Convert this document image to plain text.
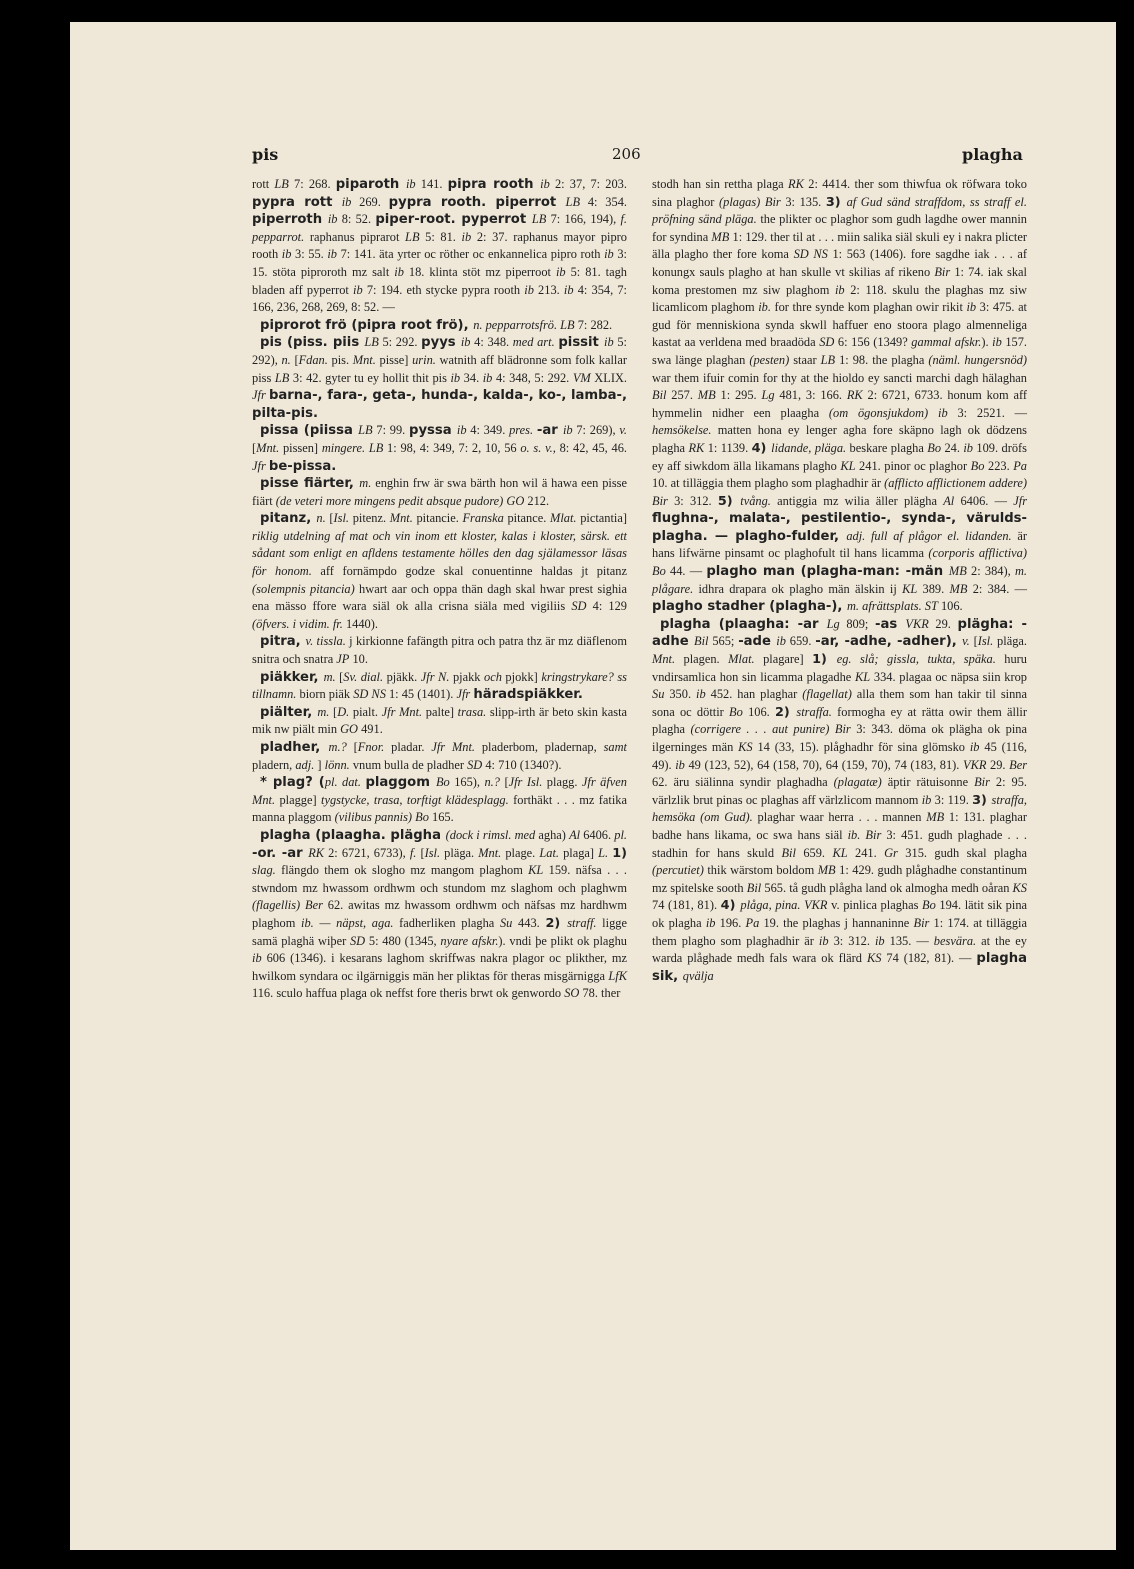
pis	206	plagha

rott LB 7: 268. piparoth ib 141. pipra rooth ib 2: 37, 7: 203. pypra rott ib 269. pypra rooth. piperrot LB 4: 354. piperroth ib 8: 52. piper-root. pyperrot LB 7: 166, 194), f. pepparrot. raphanus piprarot LB 5: 81. ib 2: 37. raphanus mayor pipro rooth ib 3: 55. ib 7: 141. äta yrter oc röther oc enkannelica pipro roth ib 3: 15. stöta piproroth mz salt ib 18. klinta stöt mz piperroot ib 5: 81. tagh bladen aff pyperrot ib 7: 194. eth stycke pypra rooth ib 213. ib 4: 354, 7: 166, 236, 268, 269, 8: 52. —

piprorot frö (pipra root frö), n. pepparrotsfrö. LB 7: 282.

pis (piss. piis LB 5: 292. pyys ib 4: 348. med art. pissit ib 5: 292), n. [Fdan. pis. Mnt. pisse] urin. watnith aff blädronne som folk kallar piss LB 3: 42. gyter tu ey hollit thit pis ib 34. ib 4: 348, 5: 292. VM XLIX. Jfr barna-, fara-, geta-, hunda-, kalda-, ko-, lamba-, pilta-pis.

pissa (piissa LB 7: 99. pyssa ib 4: 349. pres. -ar ib 7: 269), v. [Mnt. pissen] mingere. LB 1: 98, 4: 349, 7: 2, 10, 56 o. s. v., 8: 42, 45, 46. Jfr be-pissa.

pisse fiärter, m. enghin frw är swa bärth hon wil ä hawa een pisse fiärt (de veteri more mingens pedit absque pudore) GO 212.

pitanz, n. [Isl. pitenz. Mnt. pitancie. Franska pitance. Mlat. pictantia] riklig utdelning af mat och vin inom ett kloster, kalas i kloster, särsk. ett sådant som enligt en afldens testamente hölles den dag själamessor läsas för honom. aff fornämpdo godze skal conuentinne haldas jt pitanz (solempnis pitancia) hwart aar och oppa thän dagh skal hwar prest sighia ena mässo ffore wara siäl ok alla crisna siäla med vigiliis SD 4: 129 (öfvers. i vidim. fr. 1440).

pitra, v. tissla. j kirkionne fafängth pitra och patra thz är mz diäflenom snitra och snatra JP 10.

piäkker, m. [Sv. dial. pjäkk. Jfr N. pjakk och pjokk] kringstrykare? ss tillnamn. biorn piäk SD NS 1: 45 (1401). Jfr häradspiäkker.

piälter, m. [D. pialt. Jfr Mnt. palte] trasa. slipp-irth är beto skin kasta mik nw piält min GO 491.

pladher, m.? [Fnor. pladar. Jfr Mnt. pladerbom, pladernap, samt pladern, adj. ] lönn. vnum bulla de pladher SD 4: 710 (1340?).

* plag? (pl. dat. plaggom Bo 165), n.? [Jfr Isl. plagg. Jfr äfven Mnt. plagge] tygstycke, trasa, torftigt klädesplagg. forthäkt . . . mz fatika manna plaggom (vilibus pannis) Bo 165.

plagha (plaagha. plägha (dock i rimsl. med agha) Al 6406. pl. -or. -ar RK 2: 6721, 6733), f. [Isl. pläga. Mnt. plage. Lat. plaga] L. 1) slag. flängdo them ok slogho mz mangom plaghom KL 159. näfsa . . . stwndom mz hwassom ordhwm och stundom mz slaghom och plaghwm (flagellis) Ber 62. awitas mz hwassom ordhwm och näfsas mz hardhwm plaghom ib. — näpst, aga. fadherliken plagha Su 443. 2) straff. ligge samä plaghä wiþer SD 5: 480 (1345, nyare afskr.). vndi þe plikt ok plaghu ib 606 (1346). i kesarans laghom skriffwas nakra plagor oc plikther, mz hwilkom syndara oc ilgärniggis män her pliktas för theras misgärnigga LfK 116. sculo haffua plaga ok neffst fore theris brwt ok genwordo SO 78. ther

stodh han sin rettha plaga RK 2: 4414. ther som thiwfua ok röfwara toko sina plaghor (plagas) Bir 3: 135. 3) af Gud sänd straffdom, ss straff el. pröfning sänd pläga. the plikter oc plaghor som gudh lagdhe ower mannin for syndina MB 1: 129. ther til at . . . miin salika siäl skuli ey i nakra plicter älla plagho ther fore koma SD NS 1: 563 (1406). fore sagdhe iak . . . af konungx sauls plagho at han skulle vt skilias af rikeno Bir 1: 74. iak skal koma prestomen mz siw plaghom ib 2: 118. skulu the plaghas mz siw licamlicom plaghom ib. for thre synde kom plaghan owir rikit ib 3: 475. at gud för menniskiona synda skwll haffuer eno stoora plago almenneliga kastat aa verldena med braadöda SD 6: 156 (1349? gammal afskr.). ib 157. swa länge plaghan (pesten) staar LB 1: 98. the plagha (näml. hungersnöd) war them ifuir comin for thy at the hioldo ey sancti marchi dagh hälaghan Bil 257. MB 1: 295. Lg 481, 3: 166. RK 2: 6721, 6733. honum kom aff hymmelin nidher een plaagha (om ögonsjukdom) ib 3: 2521. — hemsökelse. matten hona ey lenger agha fore skäpno lagh ok dödzens plagha RK 1: 1139. 4) lidande, pläga. beskare plagha Bo 24. ib 109. dröfs ey aff siwkdom älla likamans plagho KL 241. pinor oc plaghor Bo 223. Pa 10. at tilläggia them plagho som plaghadhir är (afflicto afflictionem addere) Bir 3: 312. 5) tvång. antiggia mz wilia äller plägha Al 6406. — Jfr flughna-, malata-, pestilentio-, synda-, värulds-plagha. — plagho-fulder, adj. full af plågor el. lidanden. är hans lifwärne pinsamt oc plaghofult til hans licamma (corporis afflictiva) Bo 44. — plagho man (plagha-man: -män MB 2: 384), m. plågare. idhra drapara ok plagho män älskin ij KL 389. MB 2: 384. — plagho stadher (plagha-), m. afrättsplats. ST 106.

plagha (plaagha: -ar Lg 809; -as VKR 29. plägha: -adhe Bil 565; -ade ib 659. -ar, -adhe, -adher), v. [Isl. pläga. Mnt. plagen. Mlat. plagare] 1) eg. slå; gissla, tukta, späka. huru vndirsamlica hon sin licamma plagadhe KL 334. plagaa oc näpsa siin krop Su 350. ib 452. han plaghar (flagellat) alla them som han takir til sinna sona oc döttir Bo 106. 2) straffa. formogha ey at rätta owir them ällir plagha (corrigere . . . aut punire) Bir 3: 343. döma ok plägha ok pina ilgerninges män KS 14 (33, 15). plåghadhr för sina glömsko ib 45 (116, 49). ib 49 (123, 52), 64 (158, 70), 64 (159, 70), 74 (183, 81). VKR 29. Ber 62. äru siälinna syndir plaghadha (plagatæ) äptir rätuisonne Bir 2: 95. värlzlik brut pinas oc plaghas aff värlzlicom mannom ib 3: 119. 3) straffa, hemsöka (om Gud). plaghar waar herra . . . mannen MB 1: 131. plaghar badhe hans likama, oc swa hans siäl ib. Bir 3: 451. gudh plaghade . . . stadhin for hans skuld Bil 659. KL 241. Gr 315. gudh skal plagha (percutiet) thik wärstom boldom MB 1: 429. gudh plåghadhe constantinum mz spitelske sooth Bil 565. tå gudh plågha land ok almogha medh oåran KS 74 (181, 81). 4) plåga, pina. VKR v. pinlica plaghas Bo 194. lätit sik pina ok plagha ib 196. Pa 19. the plaghas j hannaninne Bir 1: 174. at tilläggia them plagho som plaghadhir är ib 3: 312. ib 135. — besvära. at the ey warda plåghade medh fals wara ok flärd KS 74 (182, 81). — plagha sik, qvälja
